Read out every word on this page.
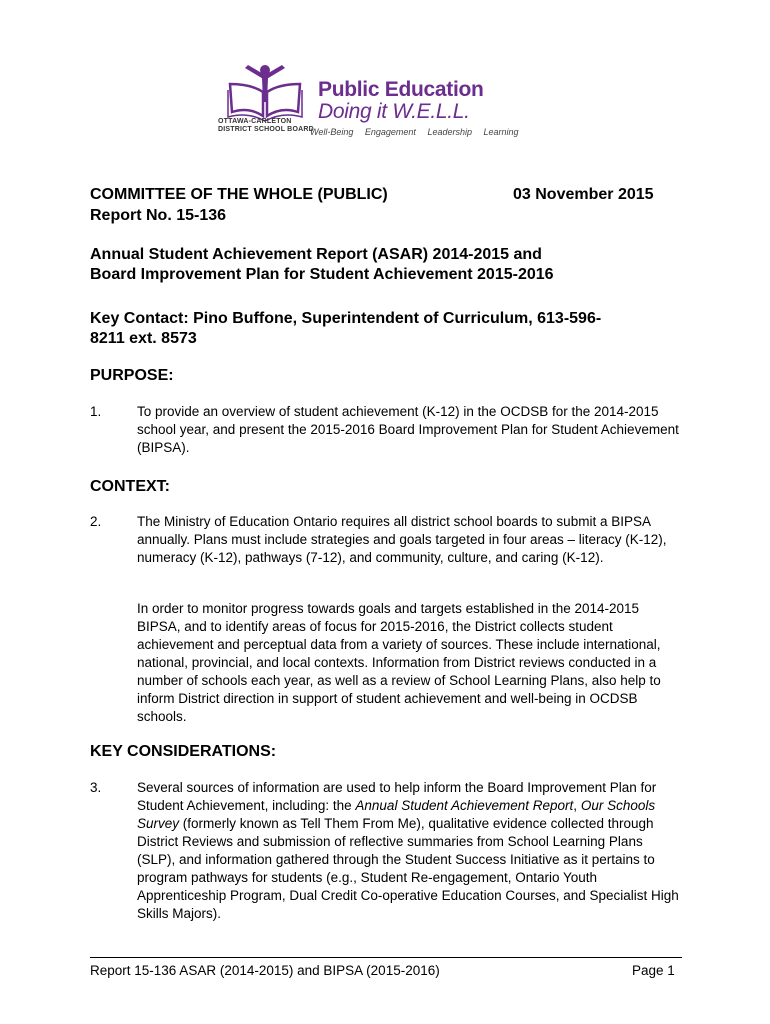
OTTAWA-CARLETON
DISTRICT SCHOOL BOARD
Public Education
Doing it W.E.L.L.
Well-Being Engagement Leadership Learning
COMMITTEE OF THE WHOLE (PUBLIC)	03 November 2015
Report No. 15-136
Annual Student Achievement Report (ASAR) 2014-2015 and
Board Improvement Plan for Student Achievement 2015-2016
Key Contact: Pino Buffone, Superintendent of Curriculum, 613-596-
8211 ext. 8573
PURPOSE:
1.	To provide an overview of student achievement (K-12) in the OCDSB for the 2014-2015 school year, and present the 2015-2016 Board Improvement Plan for Student Achievement (BIPSA).
CONTEXT:
2.	The Ministry of Education Ontario requires all district school boards to submit a BIPSA annually. Plans must include strategies and goals targeted in four areas – literacy (K-12), numeracy (K-12), pathways (7-12), and community, culture, and caring (K-12).
In order to monitor progress towards goals and targets established in the 2014-2015 BIPSA, and to identify areas of focus for 2015-2016, the District collects student achievement and perceptual data from a variety of sources. These include international, national, provincial, and local contexts. Information from District reviews conducted in a number of schools each year, as well as a review of School Learning Plans, also help to inform District direction in support of student achievement and well-being in OCDSB schools.
KEY CONSIDERATIONS:
3.	Several sources of information are used to help inform the Board Improvement Plan for Student Achievement, including: the Annual Student Achievement Report, Our Schools Survey (formerly known as Tell Them From Me), qualitative evidence collected through District Reviews and submission of reflective summaries from School Learning Plans (SLP), and information gathered through the Student Success Initiative as it pertains to program pathways for students (e.g., Student Re-engagement, Ontario Youth Apprenticeship Program, Dual Credit Co-operative Education Courses, and Specialist High Skills Majors).
Report 15-136 ASAR (2014-2015) and BIPSA (2015-2016)	Page 1
